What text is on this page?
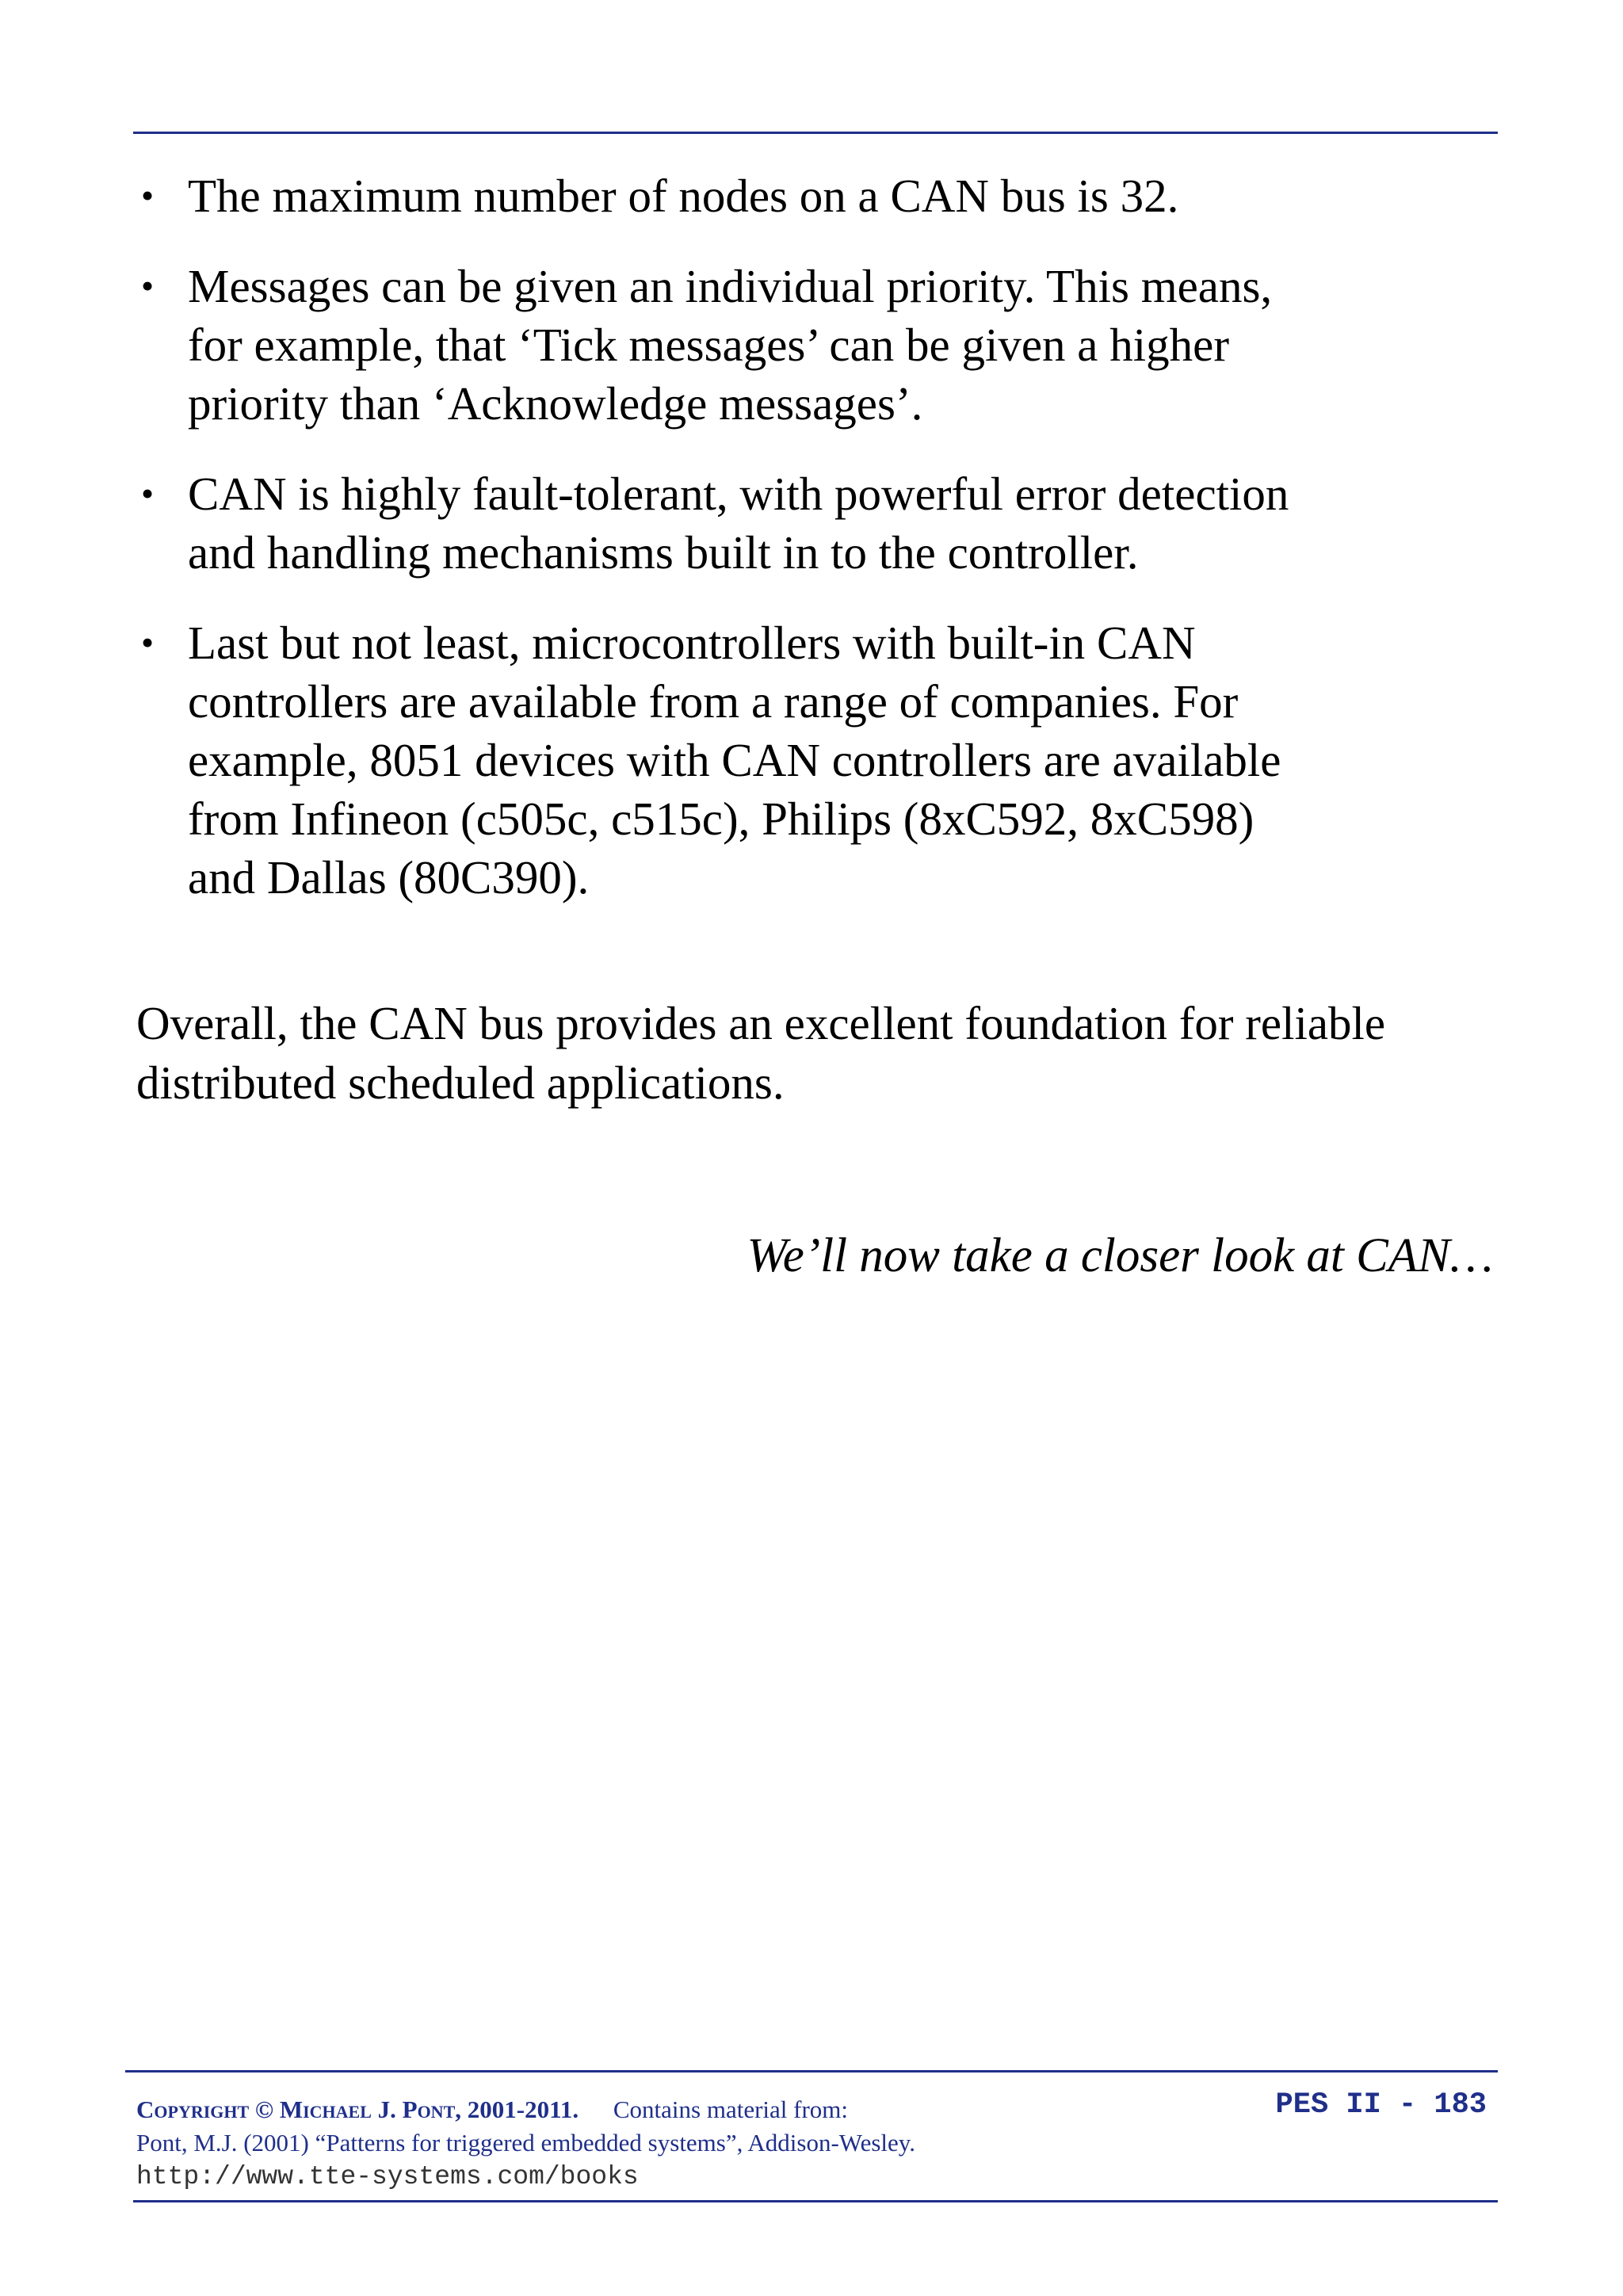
• The maximum number of nodes on a CAN bus is 32.
• Messages can be given an individual priority. This means,
for example, that ‘Tick messages’ can be given a higher
priority than ‘Acknowledge messages’.
• CAN is highly fault-tolerant, with powerful error detection
and handling mechanisms built in to the controller.
• Last but not least, microcontrollers with built-in CAN
controllers are available from a range of companies. For
example, 8051 devices with CAN controllers are available
from Infineon (c505c, c515c), Philips (8xC592, 8xC598)
and Dallas (80C390).
Overall, the CAN bus provides an excellent foundation for reliable
distributed scheduled applications.

We’ll now take a closer look at CAN…

Copyright © Michael J. Pont, 2001-2011. Contains material from:
Pont, M.J. (2001) “Patterns for triggered embedded systems”, Addison-Wesley.
http://www.tte-systems.com/books
PES II - 183
